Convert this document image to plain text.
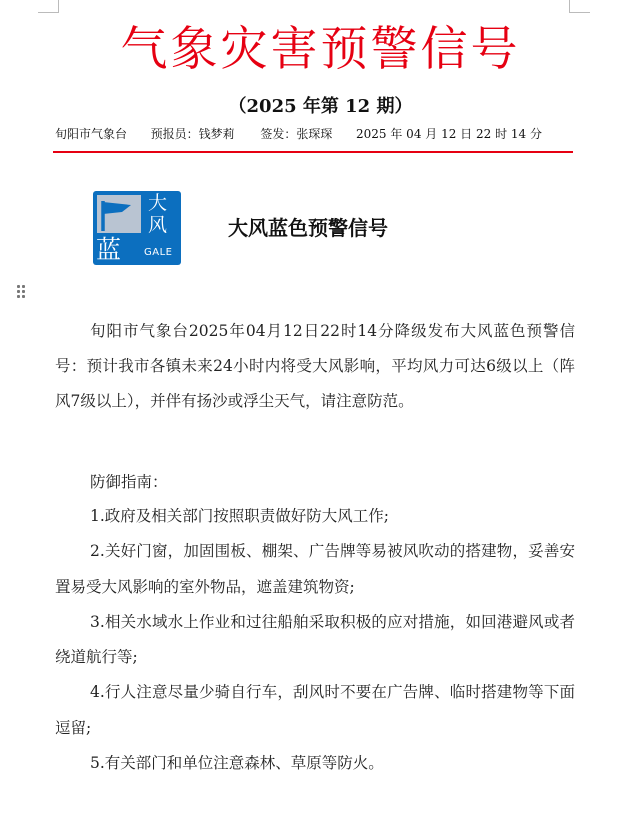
气象灾害预警信号
（2025 年第 12 期）
旬阳市气象台 预报员：钱梦莉 签发：张琛琛 2025 年 04 月 12 日 22 时 14 分
大
风
蓝 GALE
大风蓝色预警信号

旬阳市气象台2025年04月12日22时14分降级发布大风蓝色预警信号：预计我市各镇未来24小时内将受大风影响，平均风力可达6级以上（阵风7级以上），并伴有扬沙或浮尘天气，请注意防范。

防御指南：

1.政府及相关部门按照职责做好防大风工作;

2.关好门窗，加固围板、棚架、广告牌等易被风吹动的搭建物，妥善安置易受大风影响的室外物品，遮盖建筑物资;

3.相关水域水上作业和过往船舶采取积极的应对措施，如回港避风或者绕道航行等;

4.行人注意尽量少骑自行车，刮风时不要在广告牌、临时搭建物等下面逗留;

5.有关部门和单位注意森林、草原等防火。
